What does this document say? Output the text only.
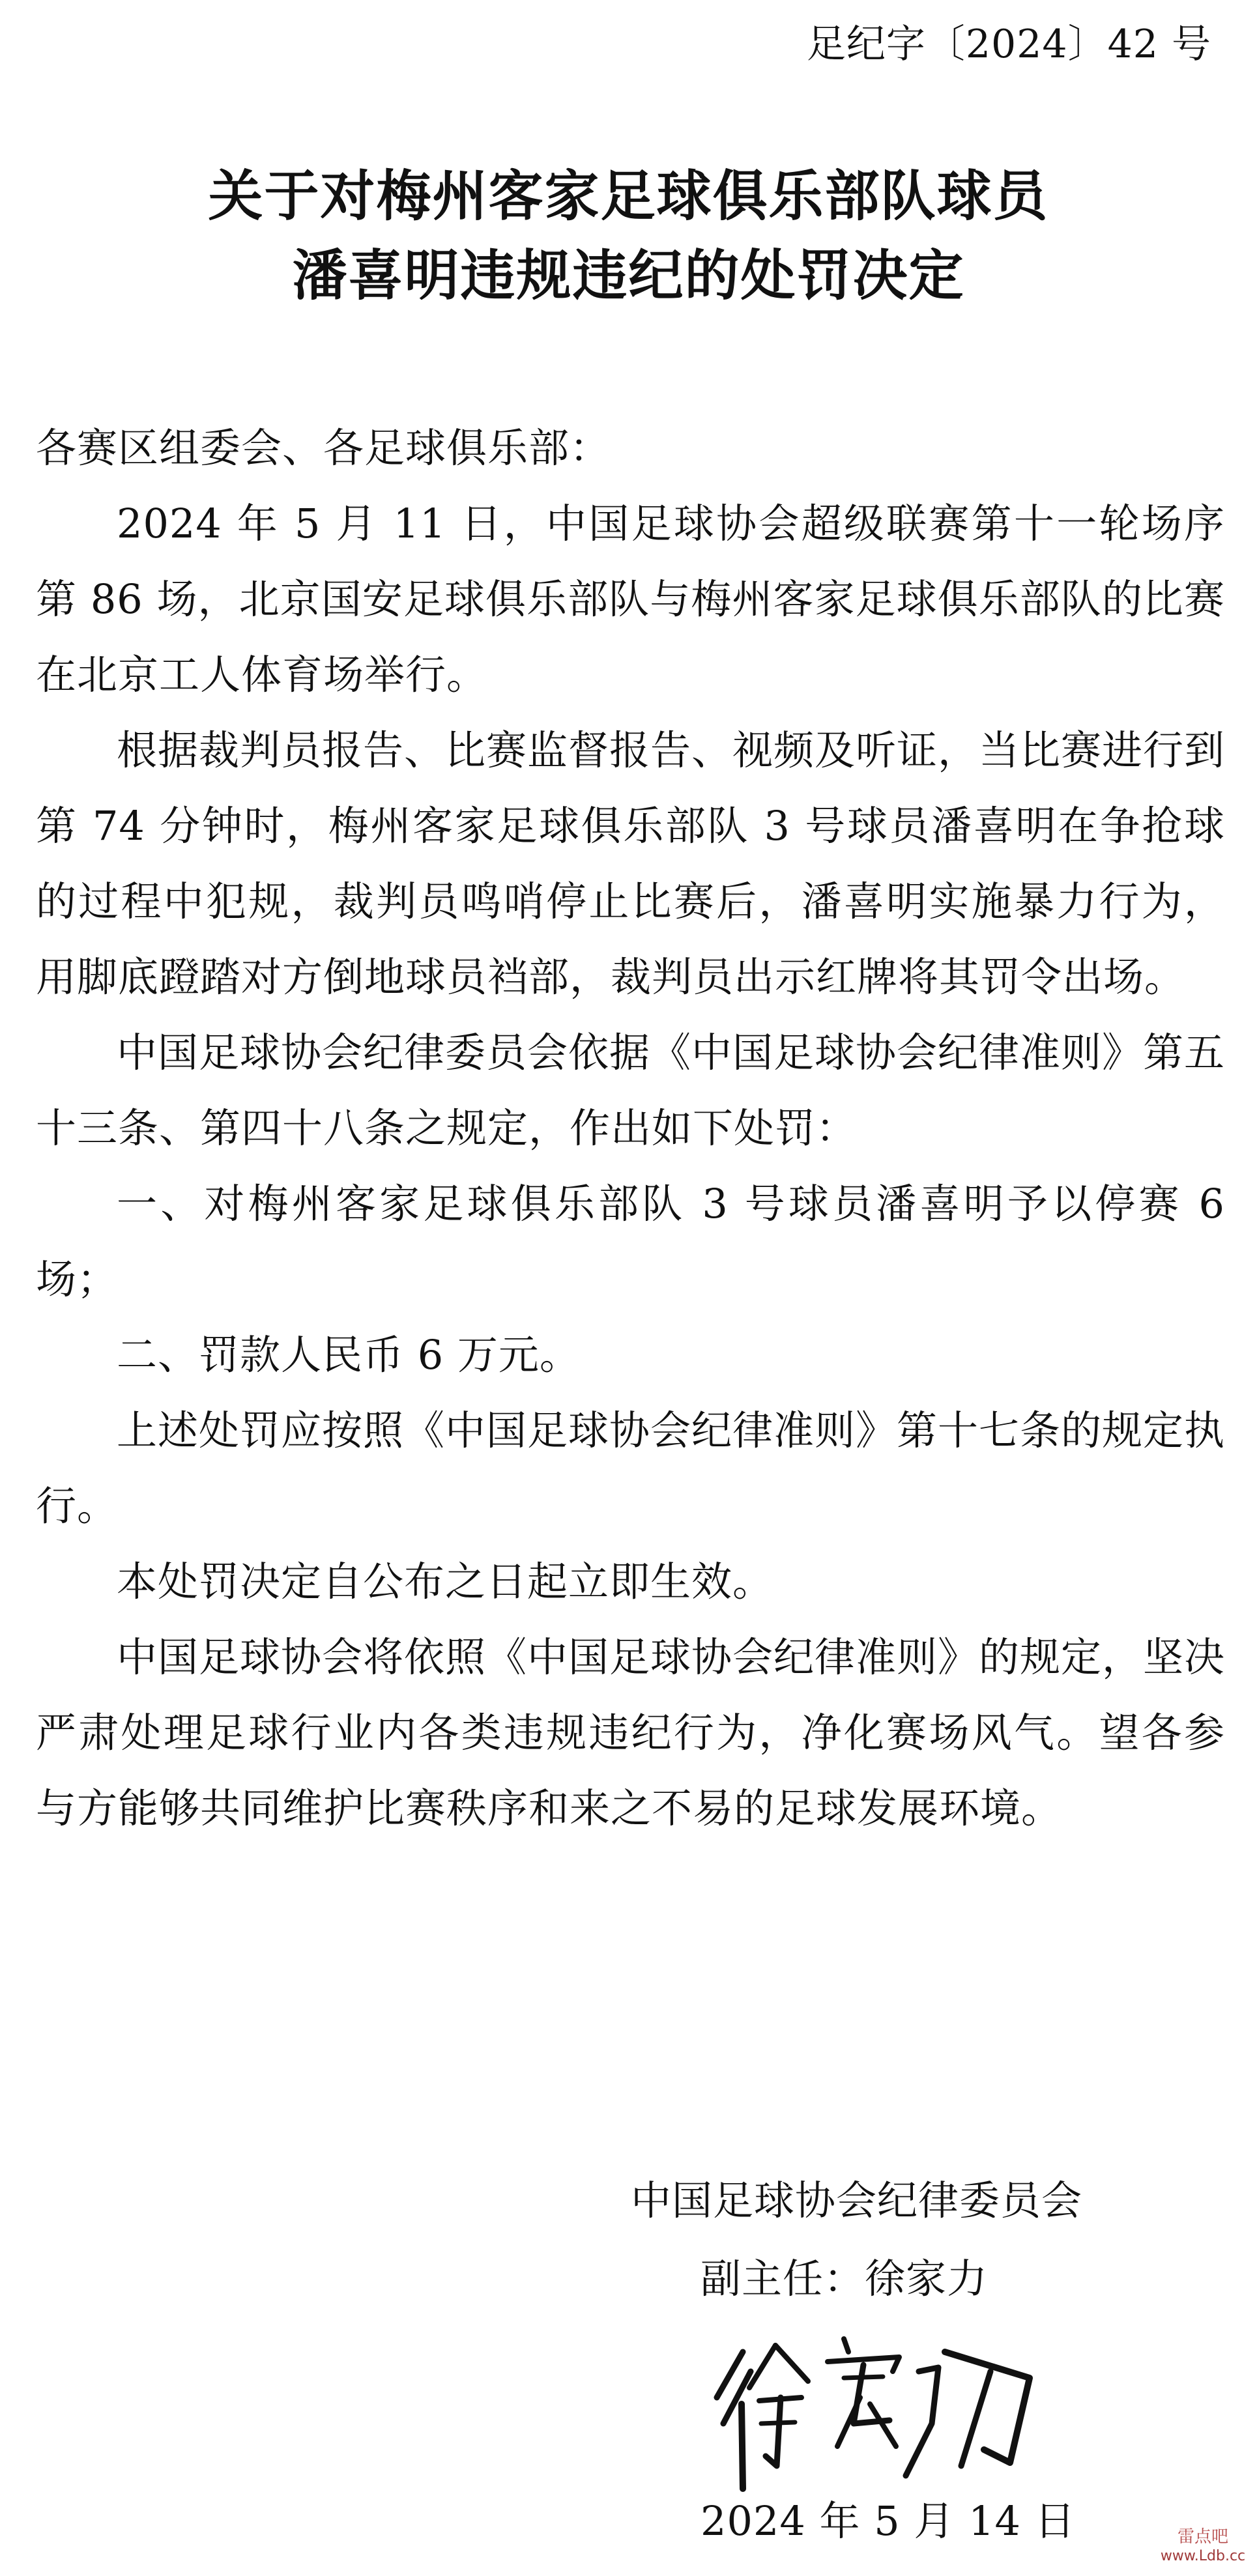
足纪字〔2024〕42 号
关于对梅州客家足球俱乐部队球员
潘喜明违规违纪的处罚决定

各赛区组委会、各足球俱乐部：

2024 年 5 月 11 日，中国足球协会超级联赛第十一轮场序第 86 场，北京国安足球俱乐部队与梅州客家足球俱乐部队的比赛在北京工人体育场举行。

根据裁判员报告、比赛监督报告、视频及听证，当比赛进行到第 74 分钟时，梅州客家足球俱乐部队 3 号球员潘喜明在争抢球的过程中犯规，裁判员鸣哨停止比赛后，潘喜明实施暴力行为，用脚底蹬踏对方倒地球员裆部，裁判员出示红牌将其罚令出场。

中国足球协会纪律委员会依据《中国足球协会纪律准则》第五十三条、第四十八条之规定，作出如下处罚：

一、对梅州客家足球俱乐部队 3 号球员潘喜明予以停赛 6 场；

二、罚款人民币 6 万元。

上述处罚应按照《中国足球协会纪律准则》第十七条的规定执行。

本处罚决定自公布之日起立即生效。

中国足球协会将依照《中国足球协会纪律准则》的规定，坚决严肃处理足球行业内各类违规违纪行为，净化赛场风气。望各参与方能够共同维护比赛秩序和来之不易的足球发展环境。

中国足球协会纪律委员会
副主任：徐家力
2024 年 5 月 14 日	雷点吧
www.Ldb.cc
